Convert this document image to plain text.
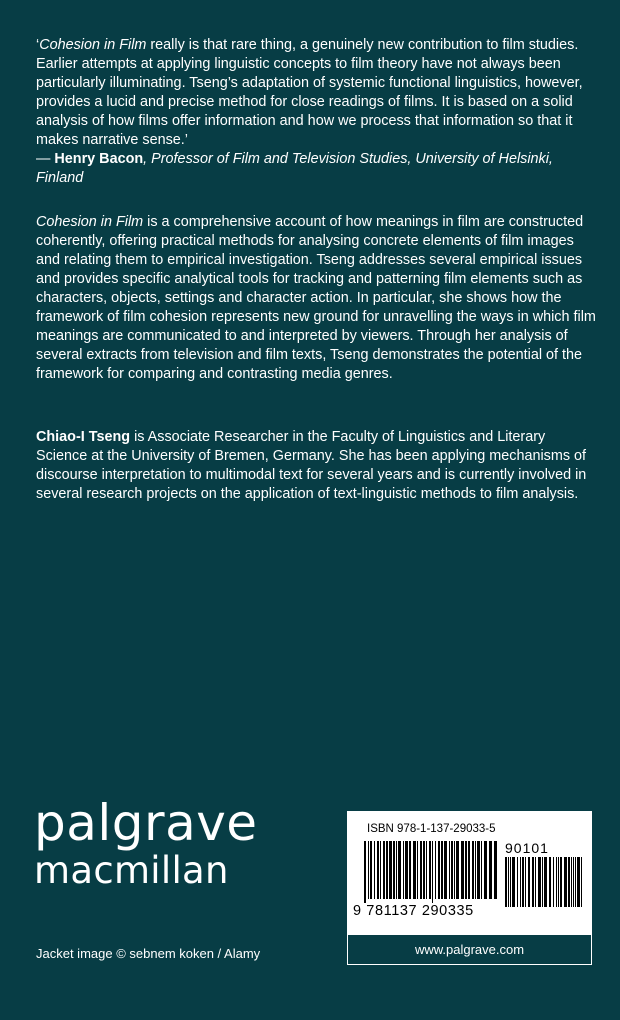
‘Cohesion in Film really is that rare thing, a genuinely new contribution to film studies. Earlier attempts at applying linguistic concepts to film theory have not always been particularly illuminating. Tseng’s adaptation of systemic functional linguistics, however, provides a lucid and precise method for close readings of films. It is based on a solid analysis of how films offer information and how we process that information so that it makes narrative sense.’
— Henry Bacon, Professor of Film and Television Studies, University of Helsinki, Finland

Cohesion in Film is a comprehensive account of how meanings in film are constructed coherently, offering practical methods for analysing concrete elements of film images and relating them to empirical investigation. Tseng addresses several empirical issues and provides specific analytical tools for tracking and patterning film elements such as characters, objects, settings and character action. In particular, she shows how the framework of film cohesion represents new ground for unravelling the ways in which film meanings are communicated to and interpreted by viewers. Through her analysis of several extracts from television and film texts, Tseng demonstrates the potential of the framework for comparing and contrasting media genres.

Chiao-I Tseng is Associate Researcher in the Faculty of Linguistics and Literary Science at the University of Bremen, Germany. She has been applying mechanisms of discourse interpretation to multimodal text for several years and is currently involved in several research projects on the application of text-linguistic methods to film analysis.

palgrave
macmillan
Jacket image © sebnem koken / Alamy
ISBN 978-1-137-29033-5
90101
9 781137 290335
www.palgrave.com
